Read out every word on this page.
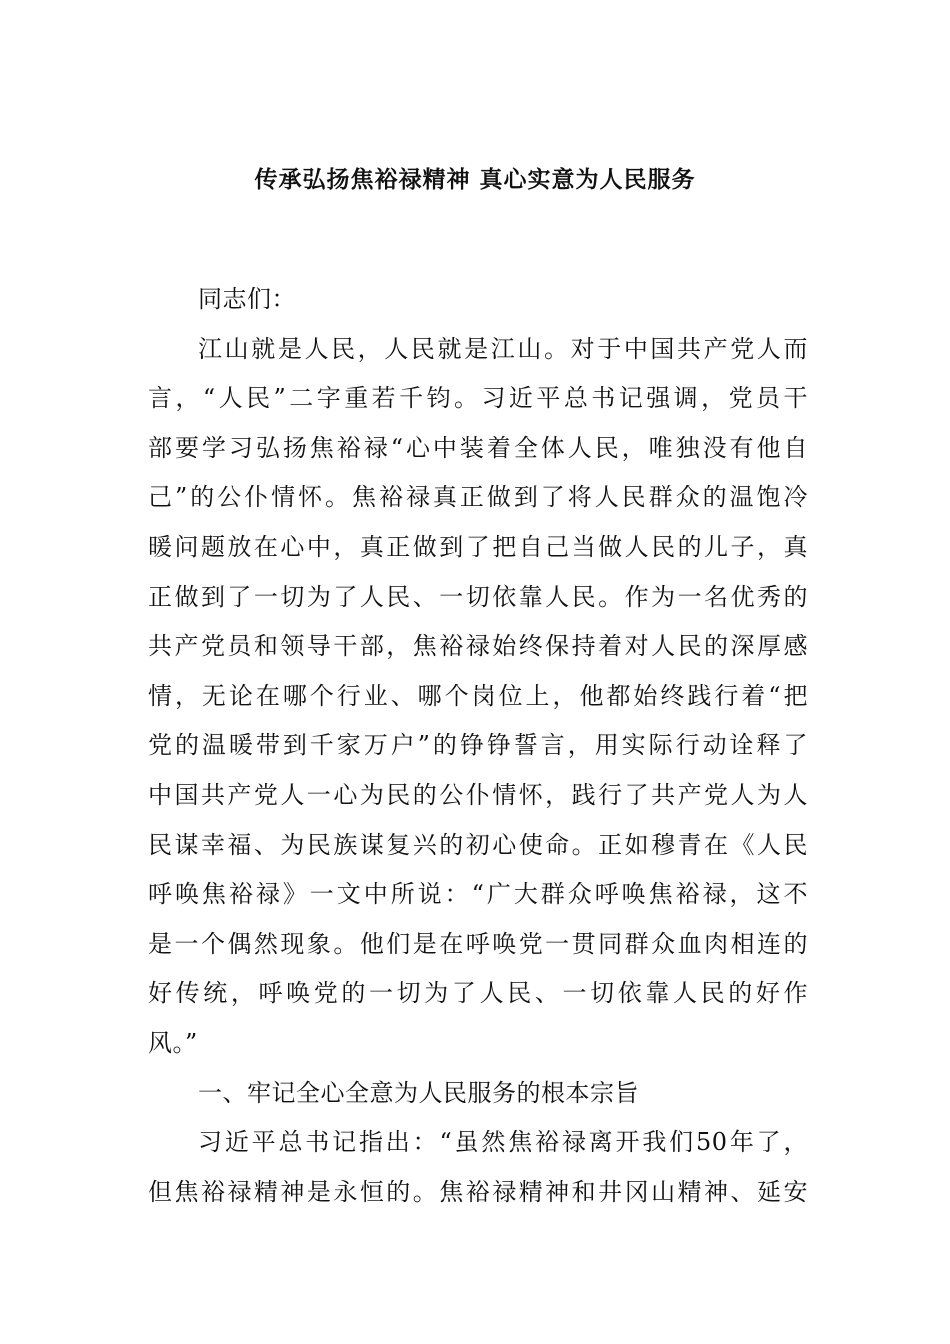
传承弘扬焦裕禄精神 真心实意为人民服务
同志们：
江山就是人民，人民就是江山。对于中国共产党人而
言，“人民”二字重若千钧。习近平总书记强调，党员干
部要学习弘扬焦裕禄“心中装着全体人民，唯独没有他自
己”的公仆情怀。焦裕禄真正做到了将人民群众的温饱冷
暖问题放在心中，真正做到了把自己当做人民的儿子，真
正做到了一切为了人民、一切依靠人民。作为一名优秀的
共产党员和领导干部，焦裕禄始终保持着对人民的深厚感
情，无论在哪个行业、哪个岗位上，他都始终践行着“把
党的温暖带到千家万户”的铮铮誓言，用实际行动诠释了
中国共产党人一心为民的公仆情怀，践行了共产党人为人
民谋幸福、为民族谋复兴的初心使命。正如穆青在《人民
呼唤焦裕禄》一文中所说：“广大群众呼唤焦裕禄，这不
是一个偶然现象。他们是在呼唤党一贯同群众血肉相连的
好传统，呼唤党的一切为了人民、一切依靠人民的好作
风。”
一、牢记全心全意为人民服务的根本宗旨
习近平总书记指出：“虽然焦裕禄离开我们50年了，
但焦裕禄精神是永恒的。焦裕禄精神和井冈山精神、延安
